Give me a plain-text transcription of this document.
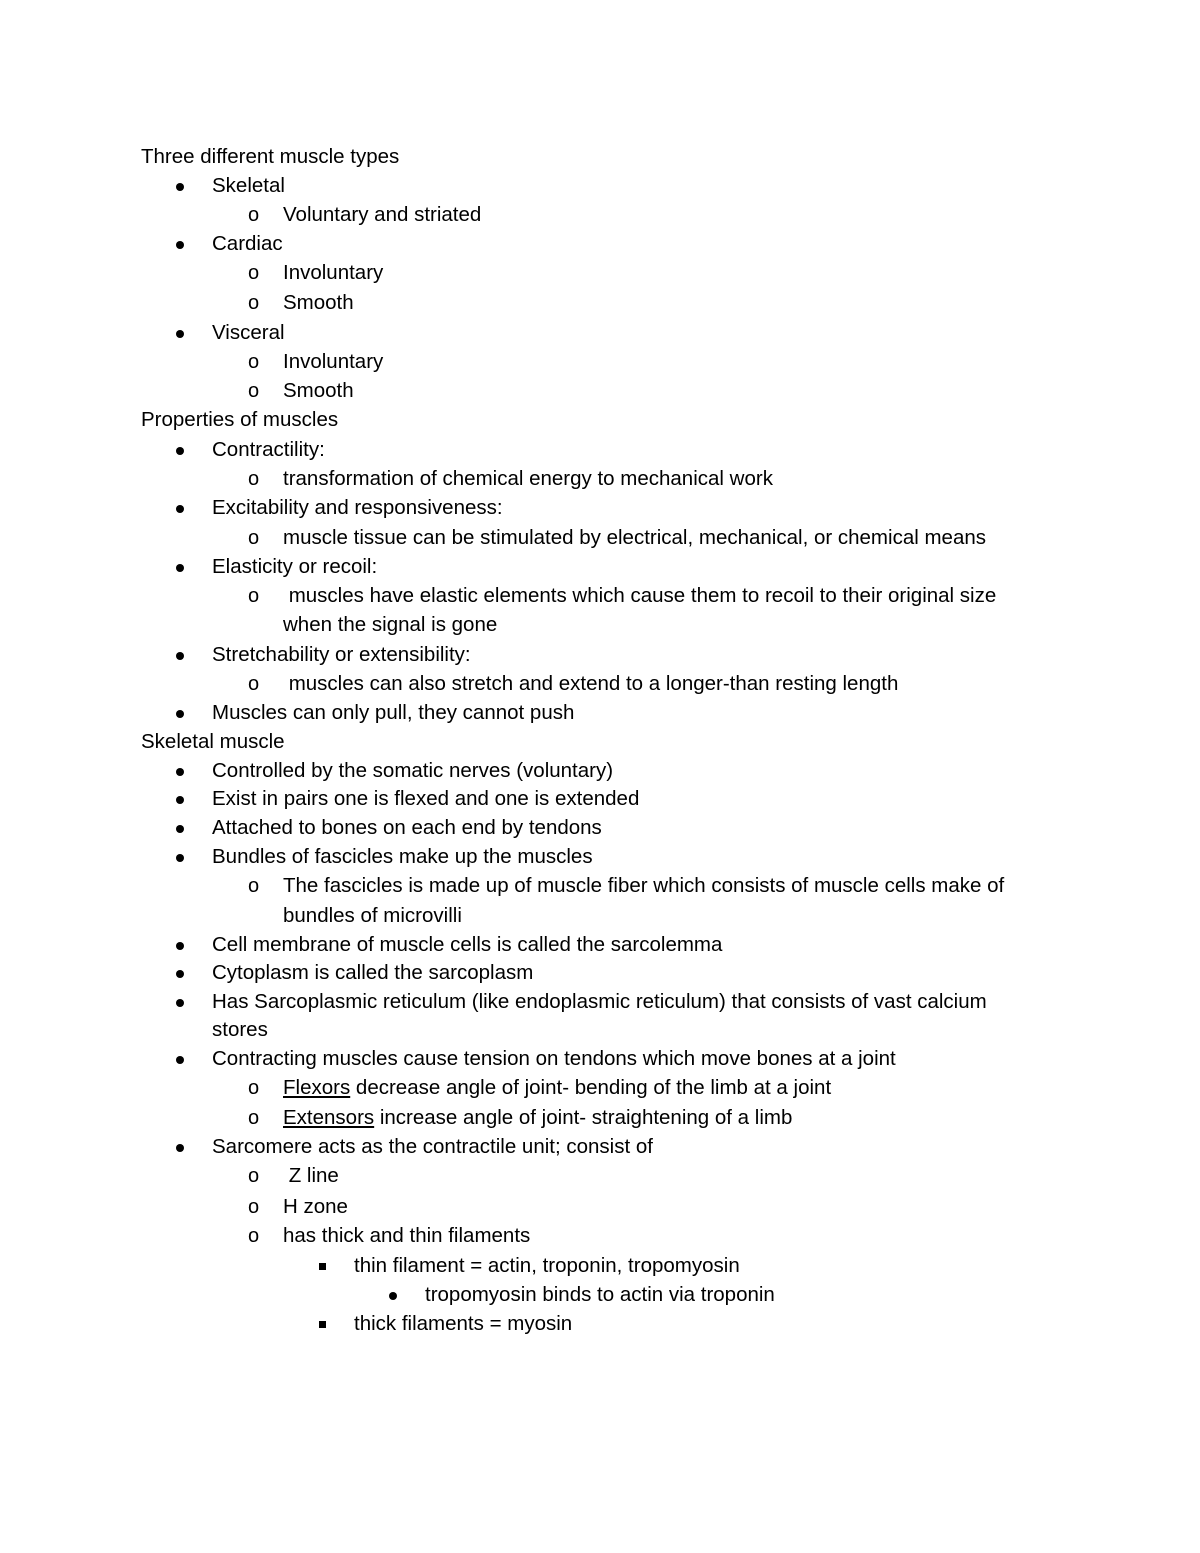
Three different muscle types
Skeletal
o Voluntary and striated
Cardiac
o Involuntary
o Smooth
Visceral
o Involuntary
o Smooth
Properties of muscles
Contractility:
o transformation of chemical energy to mechanical work
Excitability and responsiveness:
o muscle tissue can be stimulated by electrical, mechanical, or chemical means
Elasticity or recoil:
o muscles have elastic elements which cause them to recoil to their original size
when the signal is gone
Stretchability or extensibility:
o muscles can also stretch and extend to a longer-than resting length
Muscles can only pull, they cannot push
Skeletal muscle
Controlled by the somatic nerves (voluntary)
Exist in pairs one is flexed and one is extended
Attached to bones on each end by tendons
Bundles of fascicles make up the muscles
o The fascicles is made up of muscle fiber which consists of muscle cells make of
bundles of microvilli
Cell membrane of muscle cells is called the sarcolemma
Cytoplasm is called the sarcoplasm
Has Sarcoplasmic reticulum (like endoplasmic reticulum) that consists of vast calcium
stores
Contracting muscles cause tension on tendons which move bones at a joint
o Flexors decrease angle of joint- bending of the limb at a joint
o Extensors increase angle of joint- straightening of a limb
Sarcomere acts as the contractile unit; consist of
o Z line
o H zone
o has thick and thin filaments
thin filament = actin, troponin, tropomyosin
tropomyosin binds to actin via troponin
thick filaments = myosin
